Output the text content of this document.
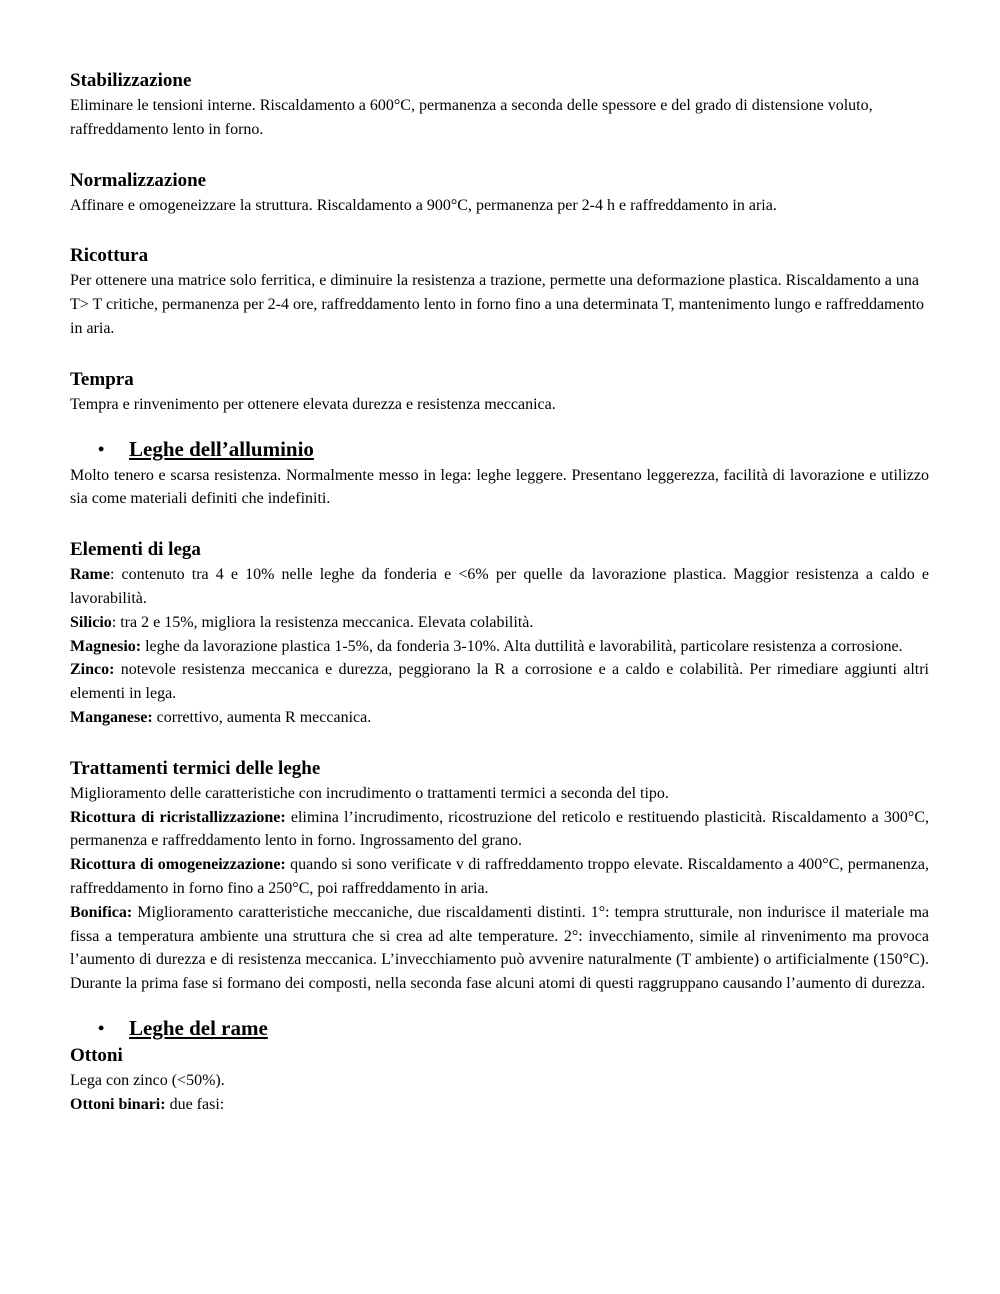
Stabilizzazione

Eliminare le tensioni interne. Riscaldamento a 600°C, permanenza a seconda delle spessore e del grado di distensione voluto, raffreddamento lento in forno.

Normalizzazione

Affinare e omogeneizzare la struttura. Riscaldamento a 900°C, permanenza per 2-4 h e raffreddamento in aria.

Ricottura

Per ottenere una matrice solo ferritica, e diminuire la resistenza a trazione, permette una deformazione plastica. Riscaldamento a una T> T critiche, permanenza per 2-4 ore, raffreddamento lento in forno fino a una determinata T, mantenimento lungo e raffreddamento in aria.

Tempra

Tempra e rinvenimento per ottenere elevata durezza e resistenza meccanica.

•	Leghe dell’alluminio

Molto tenero e scarsa resistenza. Normalmente messo in lega: leghe leggere. Presentano leggerezza, facilità di lavorazione e utilizzo sia come materiali definiti che indefiniti.

Elementi di lega

Rame: contenuto tra 4 e 10% nelle leghe da fonderia e <6% per quelle da lavorazione plastica. Maggior resistenza a caldo e lavorabilità.

Silicio: tra 2 e 15%, migliora la resistenza meccanica. Elevata colabilità.

Magnesio: leghe da lavorazione plastica 1-5%, da fonderia 3-10%. Alta duttilità e lavorabilità, particolare resistenza a corrosione.

Zinco: notevole resistenza meccanica e durezza, peggiorano la R a corrosione e a caldo e colabilità. Per rimediare aggiunti altri elementi in lega.

Manganese: correttivo, aumenta R meccanica.

Trattamenti termici delle leghe

Miglioramento delle caratteristiche con incrudimento o trattamenti termici a seconda del tipo.

Ricottura di ricristallizzazione: elimina l’incrudimento, ricostruzione del reticolo e restituendo plasticità. Riscaldamento a 300°C, permanenza e raffreddamento lento in forno. Ingrossamento del grano.

Ricottura di omogeneizzazione: quando si sono verificate v di raffreddamento troppo elevate. Riscaldamento a 400°C, permanenza, raffreddamento in forno fino a 250°C, poi raffreddamento in aria.

Bonifica: Miglioramento caratteristiche meccaniche, due riscaldamenti distinti. 1°: tempra strutturale, non indurisce il materiale ma fissa a temperatura ambiente una struttura che si crea ad alte temperature. 2°: invecchiamento, simile al rinvenimento ma provoca l’aumento di durezza e di resistenza meccanica. L’invecchiamento può avvenire naturalmente (T ambiente) o artificialmente (150°C). Durante la prima fase si formano dei composti, nella seconda fase alcuni atomi di questi raggruppano causando l’aumento di durezza.

•	Leghe del rame
Ottoni

Lega con zinco (<50%).

Ottoni binari: due fasi:
